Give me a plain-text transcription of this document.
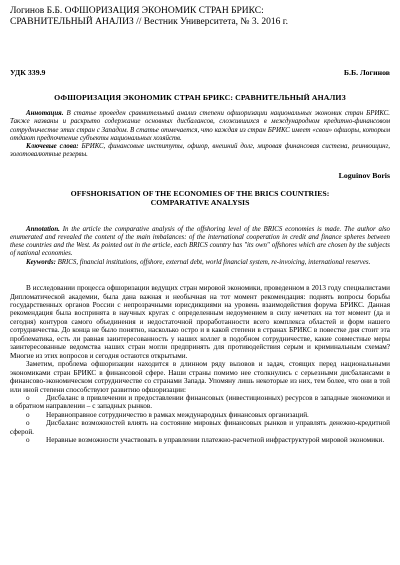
Логинов Б.Б. ОФШОРИЗАЦИЯ ЭКОНОМИК СТРАН БРИКС: СРАВНИТЕЛЬНЫЙ АНАЛИЗ // Вестник Университета, № 3. 2016 г.

УДК 339.9	Б.Б. Логинов
ОФШОРИЗАЦИЯ ЭКОНОМИК СТРАН БРИКС: СРАВНИТЕЛЬНЫЙ АНАЛИЗ

Аннотация. В статье проведен сравнительный анализ степени офшоризации национальных экономик стран БРИКС. Также названы и раскрыто содержание основных дисбалансов, сложившихся в международном кредитно-финансовом сотрудничестве этих стран с Западом. В статье отмечается, что каждая из стран БРИКС имеет «свои» офшоры, которым отдают предпочтение субъекты национальных хозяйств.

Ключевые слова: БРИКС, финансовые институты, офшор, внешний долг, мировая финансовая система, реинвоицинг, золотовалютные резервы.

Loguinov Boris
OFFSHORISATION OF THE ECONOMIES OF THE BRICS COUNTRIES:
COMPARATIVE ANALYSIS

Annotation. In the article the comparative analysis of the offshoring level of the BRICS economies is made. The author also enumerated and revealed the content of the main imbalances: of the international cooperation in credit and finance spheres between these countries and the West. As pointed out in the article, each BRICS country has "its own" offshores which are chosen by the subjects of national economies.

Keywords: BRICS, financial institutions, offshore, external debt, world financial system, re-invoicing, international reserves.

В исследовании процесса офшоризации ведущих стран мировой экономики, проведенном в 2013 году специалистами Дипломатической академии, была дана важная и необычная на тот момент рекомендация: поднять вопросы борьбы государственных органов России с непрозрачными юрисдикциями на уровень взаимодействия форума БРИКС. Данная рекомендация была воспринята в научных кругах с определенным недоумением в силу нечетких на тот момент (да и сегодня) контуров самого объединения и недостаточной проработанности всего комплекса областей и форм нашего сотрудничества. До конца не было понятно, насколько остро и в какой степени в странах БРИКС в повестке дня стоит эта проблематика, есть ли равная заинтересованность у наших коллег в подобном сотрудничестве, какие совместные меры заинтересованные ведомства наших стран могли предпринять для противодействия серым и криминальным схемам? Многие из этих вопросов и сегодня остаются открытыми.

Заметим, проблема офшоризации находится в длинном ряду вызовов и задач, стоящих перед национальными экономиками стран БРИКС в финансовой сфере. Наши страны помимо нее столкнулись с серьезными дисбалансами в финансово-экономическом сотрудничестве со странами Запада. Упомяну лишь некоторые из них, тем более, что они в той или иной степени способствуют развитию офшоризации:

o Дисбаланс в привлечении и предоставлении финансовых (инвестиционных) ресурсов в западные экономики и в обратном направлении – с западных рынков.
o Неравноправное сотрудничество в рамках международных финансовых организаций.
o Дисбаланс возможностей влиять на состояние мировых финансовых рынков и управлять денежно-кредитной сферой.
o Неравные возможности участвовать в управлении платежно-расчетной инфраструктурой мировой экономики.
